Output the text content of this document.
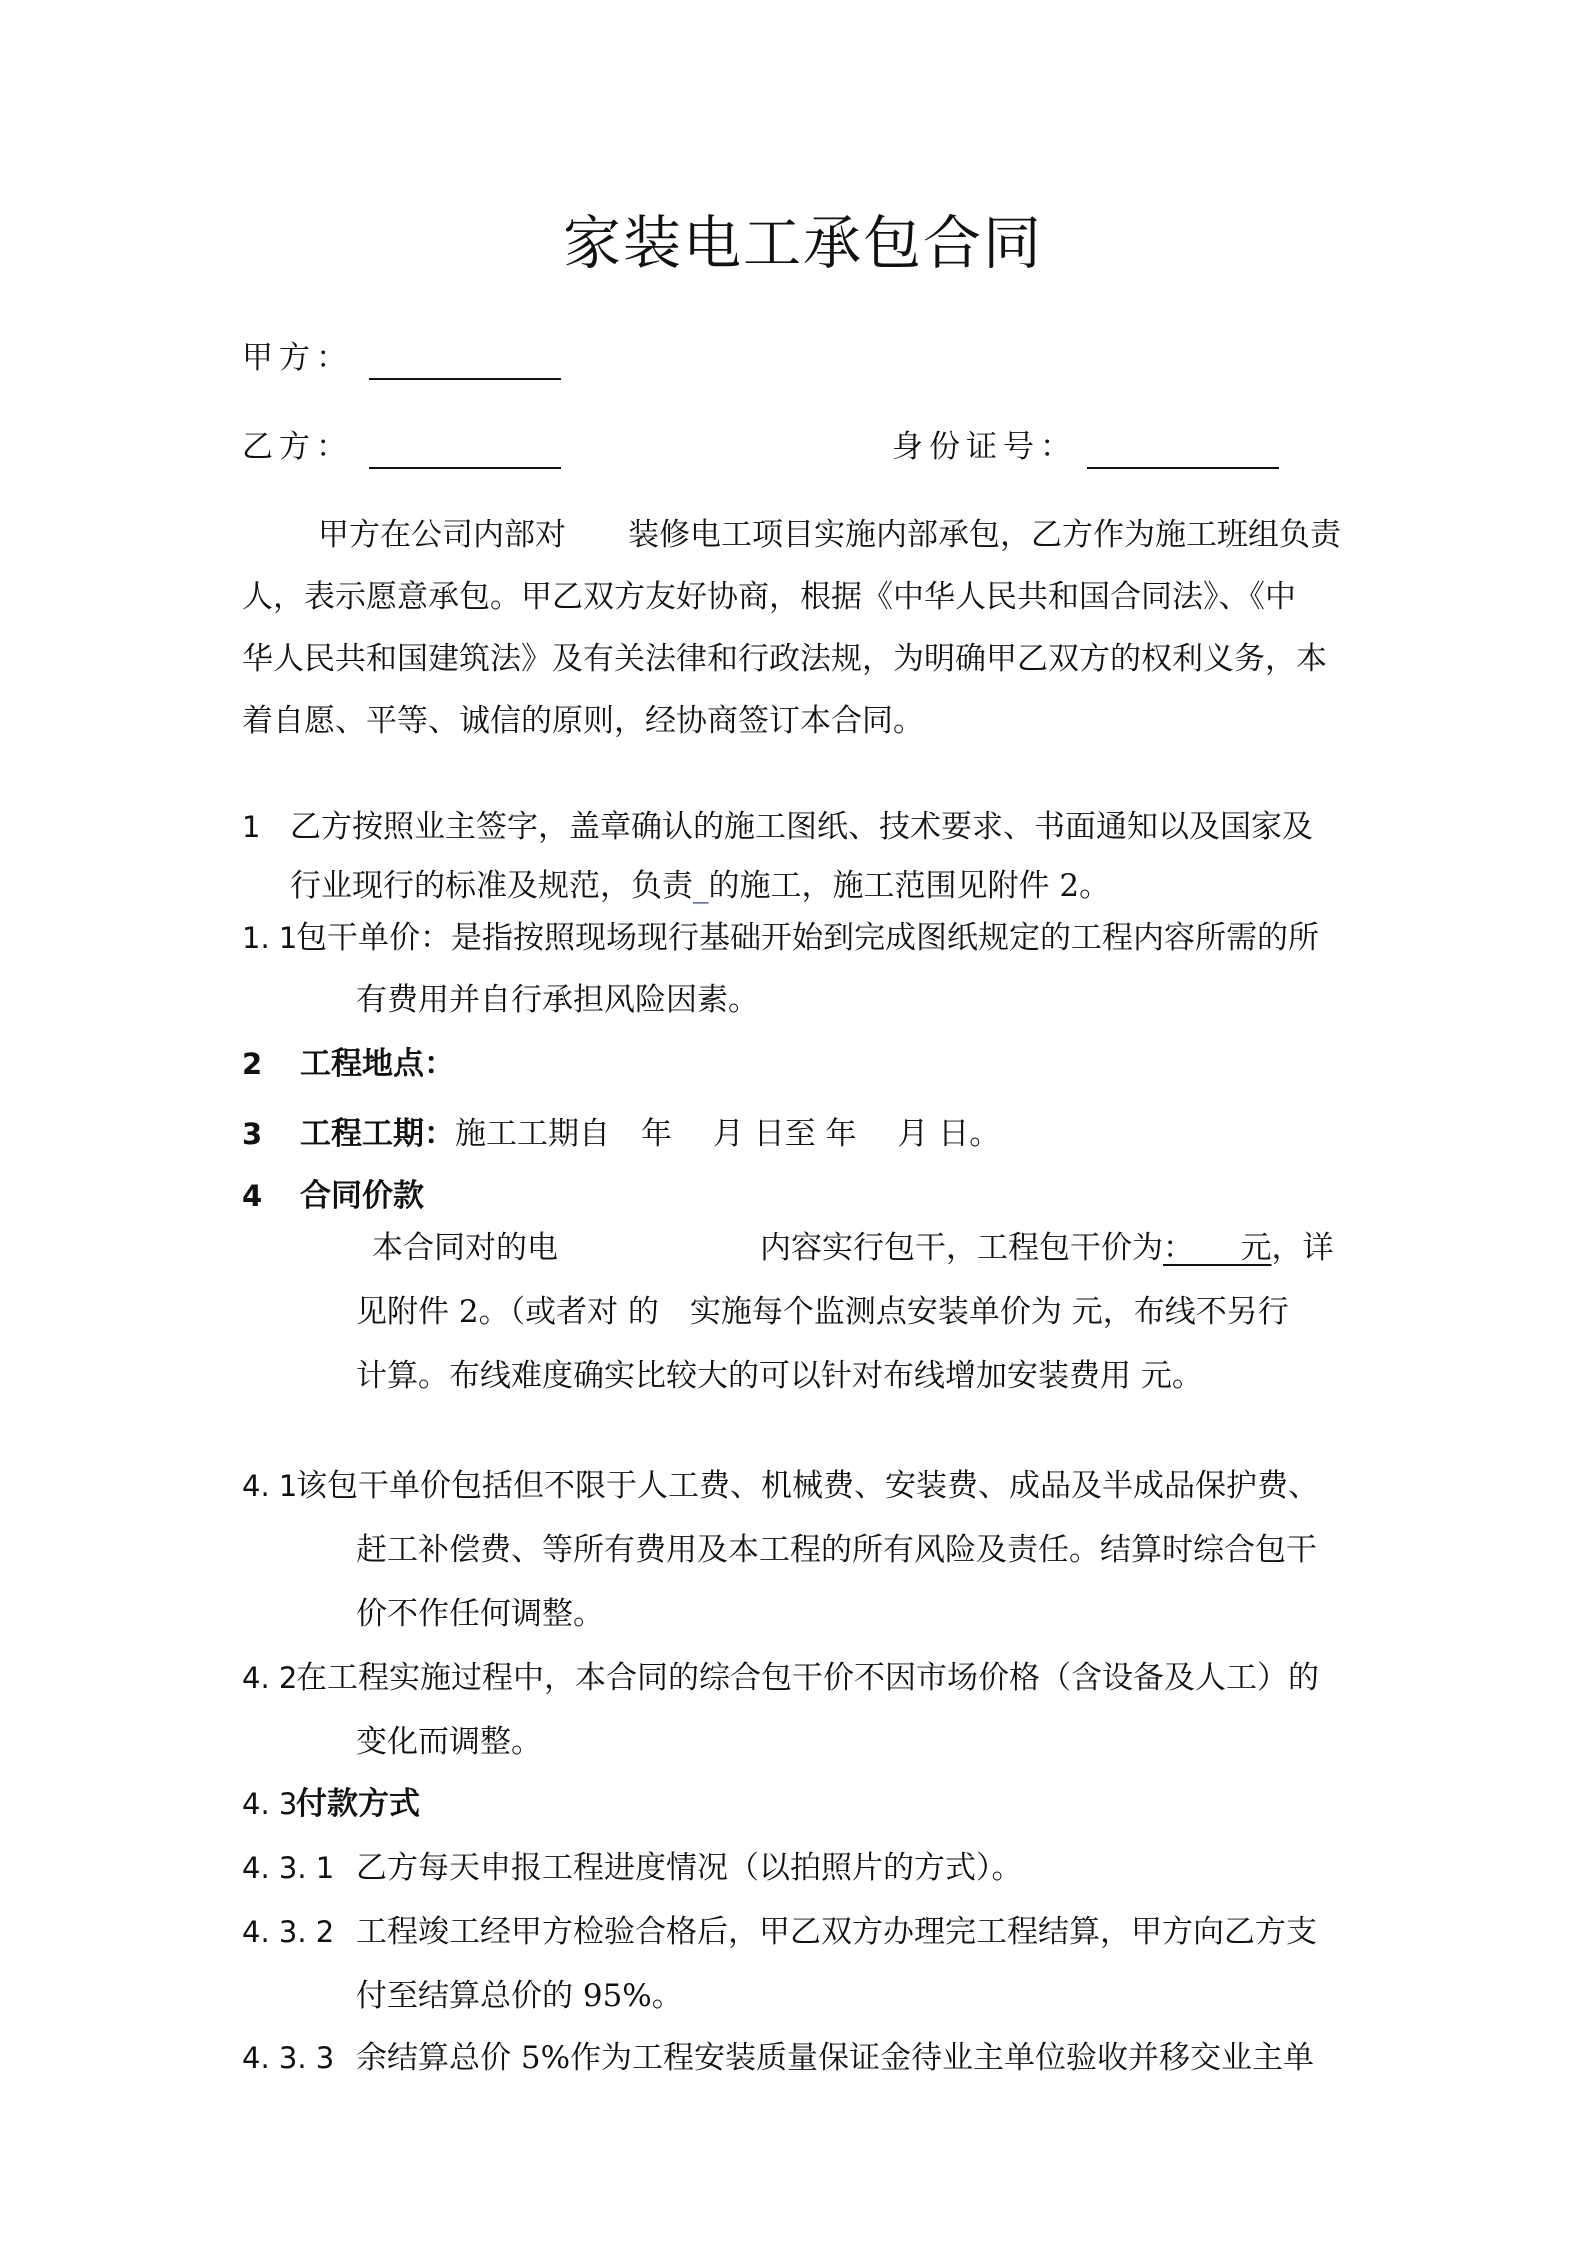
家装电工承包合同
甲方：
乙方：	身份证号：
甲方在公司内部对　　装修电工项目实施内部承包，乙方作为施工班组负责
人，表示愿意承包。甲乙双方友好协商，根据《中华人民共和国合同法》、《中
华人民共和国建筑法》及有关法律和行政法规，为明确甲乙双方的权利义务，本
着自愿、平等、诚信的原则，经协商签订本合同。
1 乙方按照业主签字，盖章确认的施工图纸、技术要求、书面通知以及国家及
行业现行的标准及规范，负责_的施工，施工范围见附件 2。
1. 1
包干单价：是指按照现场现行基础开始到完成图纸规定的工程内容所需的所
有费用并自行承担风险因素。
2 工程地点：
3 工程工期：施工工期自　年　 月 日至 年　 月 日。
4 合同价款
本合同对的电	内容实行包干，工程包干价为：　　元，详
见附件 2。（或者对 的　实施每个监测点安装单价为 元，布线不另行
计算。布线难度确实比较大的可以针对布线增加安装费用 元。
4. 1
该包干单价包括但不限于人工费、机械费、安装费、成品及半成品保护费、
赶工补偿费、等所有费用及本工程的所有风险及责任。结算时综合包干
价不作任何调整。
4. 2
在工程实施过程中，本合同的综合包干价不因市场价格（含设备及人工）的
变化而调整。
4. 3
付款方式
4. 3. 1 乙方每天申报工程进度情况（以拍照片的方式）。
4. 3. 2 工程竣工经甲方检验合格后，甲乙双方办理完工程结算，甲方向乙方支
付至结算总价的 95%。
4. 3. 3 余结算总价 5%作为工程安装质量保证金待业主单位验收并移交业主单
